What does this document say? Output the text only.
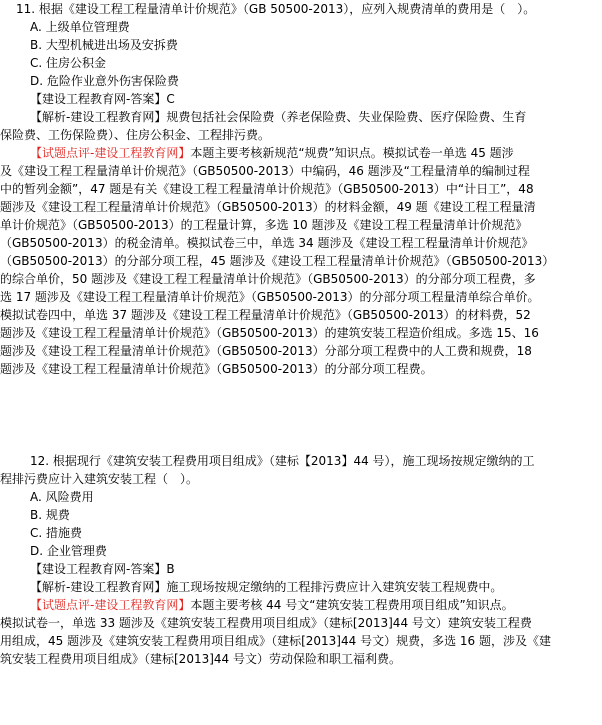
11. 根据《建设工程工程量清单计价规范》（GB 50500-2013），应列入规费清单的费用是（　）。
A. 上级单位管理费
B. 大型机械进出场及安拆费
C. 住房公积金
D. 危险作业意外伤害保险费
【建设工程教育网-答案】C
【解析-建设工程教育网】规费包括社会保险费（养老保险费、失业保险费、医疗保险费、生育
保险费、工伤保险费）、住房公积金、工程排污费。
【试题点评-建设工程教育网】本题主要考核新规范“规费”知识点。模拟试卷一单选 45 题涉
及《建设工程工程量清单计价规范》（GB50500-2013）中编码，46 题涉及“工程量清单的编制过程
中的暂列金额”，47 题是有关《建设工程工程量清单计价规范》（GB50500-2013）中“计日工”，48
题涉及《建设工程工程量清单计价规范》（GB50500-2013）的材料金额，49 题《建设工程工程量清
单计价规范》（GB50500-2013）的工程量计算，多选 10 题涉及《建设工程工程量清单计价规范》
（GB50500-2013）的税金清单。模拟试卷三中，单选 34 题涉及《建设工程工程量清单计价规范》
（GB50500-2013）的分部分项工程，45 题涉及《建设工程工程量清单计价规范》（GB50500-2013）
的综合单价，50 题涉及《建设工程工程量清单计价规范》（GB50500-2013）的分部分项工程费，多
选 17 题涉及《建设工程工程量清单计价规范》（GB50500-2013）的分部分项工程量清单综合单价。
模拟试卷四中，单选 37 题涉及《建设工程工程量清单计价规范》（GB50500-2013）的材料费，52
题涉及《建设工程工程量清单计价规范》（GB50500-2013）的建筑安装工程造价组成。多选 15、16
题涉及《建设工程工程量清单计价规范》（GB50500-2013）分部分项工程费中的人工费和规费，18
题涉及《建设工程工程量清单计价规范》（GB50500-2013）的分部分项工程费。
12. 根据现行《建筑安装工程费用项目组成》（建标【2013】44 号），施工现场按规定缴纳的工
程排污费应计入建筑安装工程（　）。
A. 风险费用
B. 规费
C. 措施费
D. 企业管理费
【建设工程教育网-答案】B
【解析-建设工程教育网】施工现场按规定缴纳的工程排污费应计入建筑安装工程规费中。
【试题点评-建设工程教育网】本题主要考核 44 号文“建筑安装工程费用项目组成”知识点。
模拟试卷一，单选 33 题涉及《建筑安装工程费用项目组成》（建标[2013]44 号文）建筑安装工程费
用组成，45 题涉及《建筑安装工程费用项目组成》（建标[2013]44 号文）规费，多选 16 题，涉及《建
筑安装工程费用项目组成》（建标[2013]44 号文）劳动保险和职工福利费。
